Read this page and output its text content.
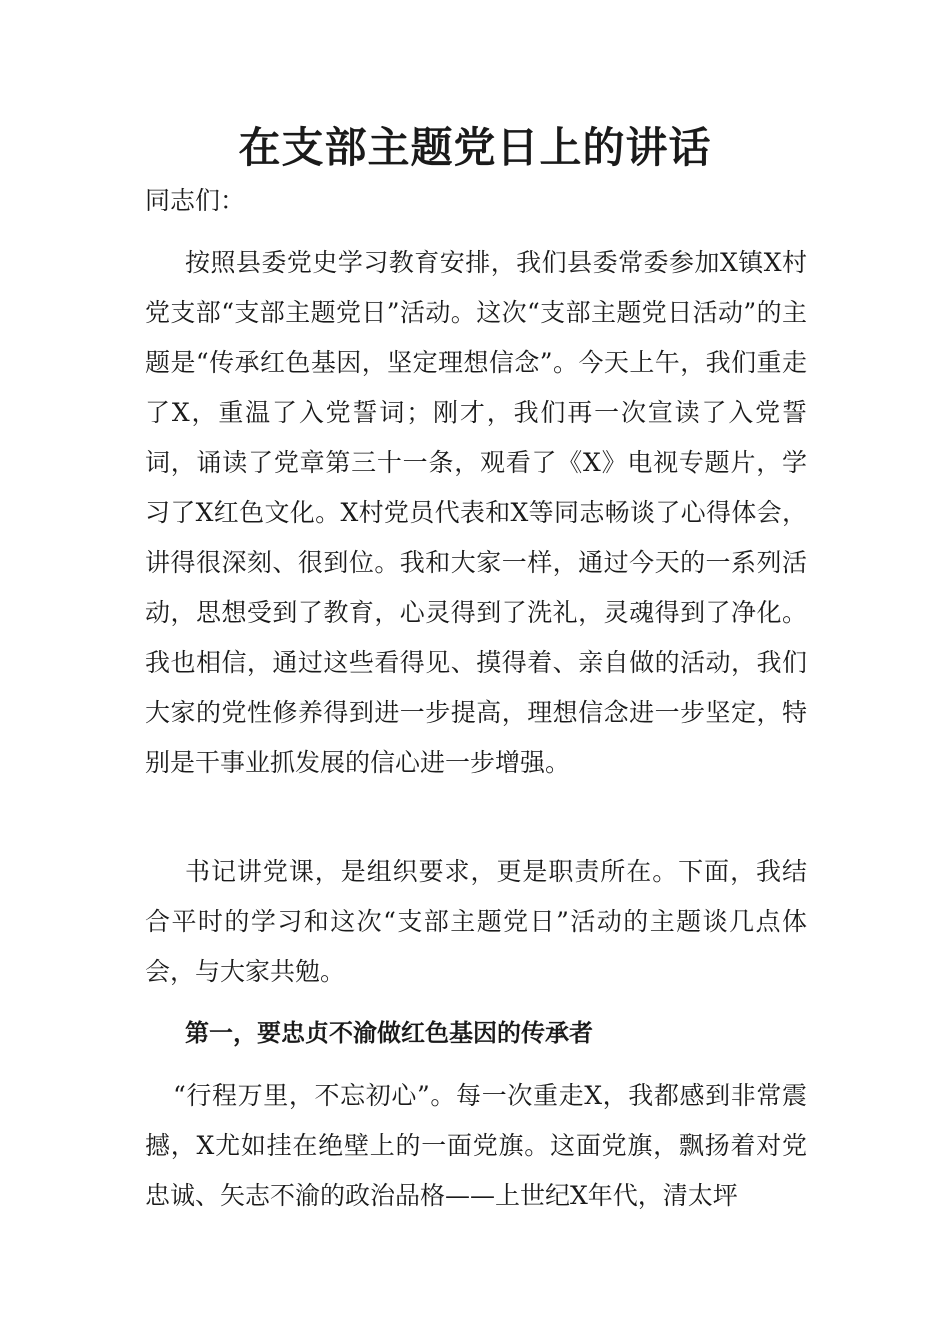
在支部主题党日上的讲话

同志们：

按照县委党史学习教育安排，我们县委常委参加X镇X村党支部“支部主题党日”活动。这次“支部主题党日活动”的主题是“传承红色基因，坚定理想信念”。今天上午，我们重走了X，重温了入党誓词；刚才，我们再一次宣读了入党誓词，诵读了党章第三十一条，观看了《X》电视专题片，学习了X红色文化。X村党员代表和X等同志畅谈了心得体会，讲得很深刻、很到位。我和大家一样，通过今天的一系列活动，思想受到了教育，心灵得到了洗礼，灵魂得到了净化。我也相信，通过这些看得见、摸得着、亲自做的活动，我们大家的党性修养得到进一步提高，理想信念进一步坚定，特别是干事业抓发展的信心进一步增强。

书记讲党课，是组织要求，更是职责所在。下面，我结合平时的学习和这次“支部主题党日”活动的主题谈几点体会，与大家共勉。

第一，要忠贞不渝做红色基因的传承者

“行程万里，不忘初心”。每一次重走X，我都感到非常震撼，X尤如挂在绝壁上的一面党旗。这面党旗，飘扬着对党忠诚、矢志不渝的政治品格——上世纪X年代，清太坪
